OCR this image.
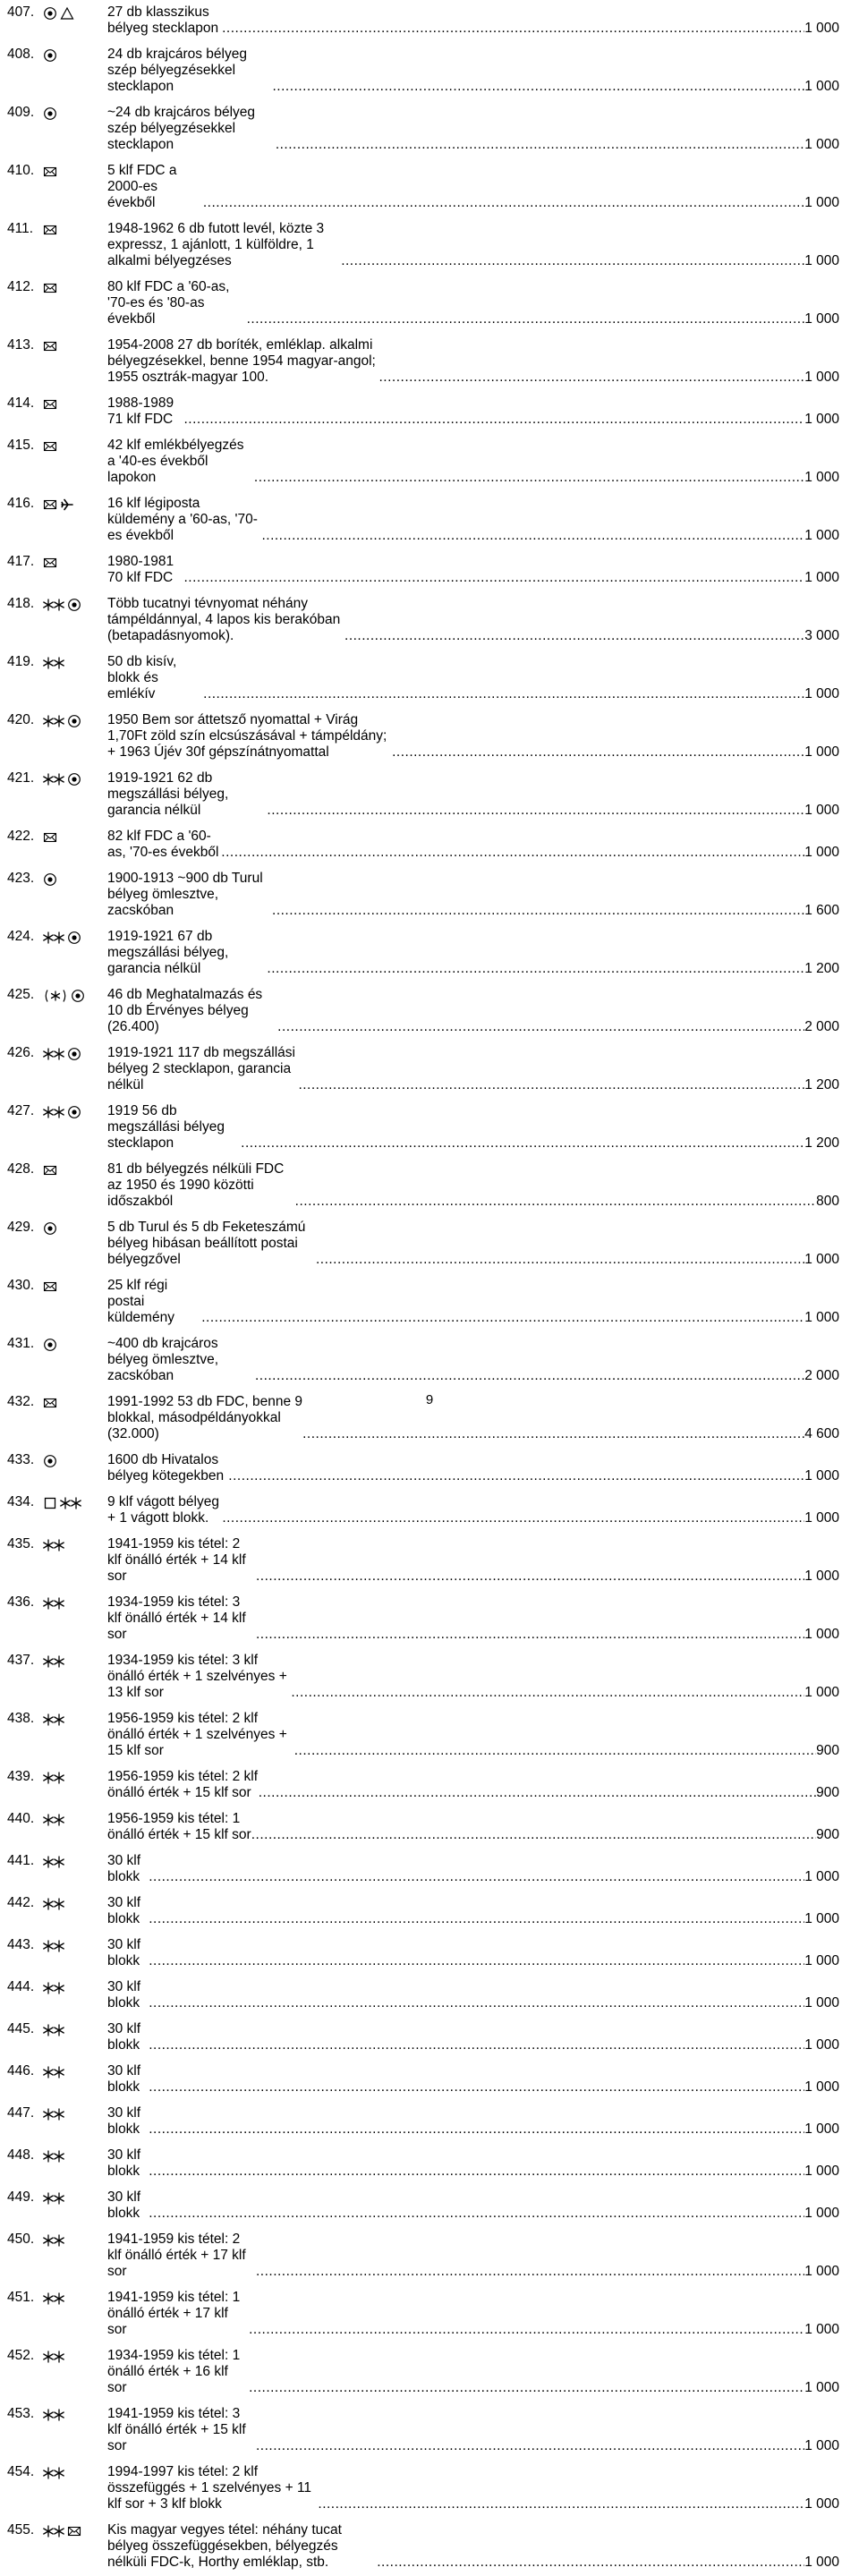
407.	27 db klasszikus bélyeg stecklapon .....	1 000
408.	24 db krajcáros bélyeg szép bélyegzésekkel stecklapon .....	1 000
409.	~24 db krajcáros bélyeg szép bélyegzésekkel stecklapon .....	1 000
410.	5 klf FDC a 2000-es évekből .....	1 000
411.	1948-1962 6 db futott levél, közte 3 expressz, 1 ajánlott, 1 külföldre, 1 alkalmi bélyegzéses .....	1 000
412.	80 klf FDC a '60-as, '70-es és '80-as évekből .....	1 000
413.	1954-2008 27 db boríték, emléklap. alkalmi bélyegzésekkel, benne 1954 magyar-angol; 1955 osztrák-magyar 100. .....	1 000
414.	1988-1989 71 klf FDC .....	1 000
415.	42 klf emlékbélyegzés a '40-es évekből lapokon .....	1 000
416.	16 klf légiposta küldemény a '60-as, '70-es évekből .....	1 000
417.	1980-1981 70 klf FDC .....	1 000
418.	Több tucatnyi tévnyomat néhány támpéldánnyal, 4 lapos kis berakóban (betapadásnyomok). .....	3 000
419.	50 db kisív, blokk és emlékív .....	1 000
420.	1950 Bem sor áttetsző nyomattal + Virág 1,70Ft zöld szín elcsúszásával + támpéldány; + 1963 Újév 30f gépszínátnyomattal .....	1 000
421.	1919-1921 62 db megszállási bélyeg, garancia nélkül .....	1 000
422.	82 klf FDC a '60-as, '70-es évekből .....	1 000
423.	1900-1913 ~900 db Turul bélyeg ömlesztve, zacskóban .....	1 600
424.	1919-1921 67 db megszállási bélyeg, garancia nélkül .....	1 200
425.	46 db Meghatalmazás és 10 db Érvényes bélyeg (26.400) .....	2 000
426.	1919-1921 117 db megszállási bélyeg 2 stecklapon, garancia nélkül .....	1 200
427.	1919 56 db megszállási bélyeg stecklapon .....	1 200
428.	81 db bélyegzés nélküli FDC az 1950 és 1990 közötti időszakból .....	800
429.	5 db Turul és 5 db Feketeszámú bélyeg hibásan beállított postai bélyegzővel .....	1 000
430.	25 klf régi postai küldemény .....	1 000
431.	~400 db krajcáros bélyeg ömlesztve, zacskóban .....	2 000
432.	1991-1992 53 db FDC, benne 9 blokkal, másodpéldányokkal (32.000) .....	4 600
433.	1600 db Hivatalos bélyeg kötegekben .....	1 000
434.	9 klf vágott bélyeg + 1 vágott blokk. .....	1 000
435.	1941-1959 kis tétel: 2 klf önálló érték + 14 klf sor .....	1 000
436.	1934-1959 kis tétel: 3 klf önálló érték + 14 klf sor .....	1 000
437.	1934-1959 kis tétel: 3 klf önálló érték + 1 szelvényes + 13 klf sor .....	1 000
438.	1956-1959 kis tétel: 2 klf önálló érték + 1 szelvényes + 15 klf sor .....	900
439.	1956-1959 kis tétel: 2 klf önálló érték + 15 klf sor .....	900
440.	1956-1959 kis tétel: 1 önálló érték + 15 klf sor .....	900
441.	30 klf blokk .....	1 000
442.	30 klf blokk .....	1 000
443.	30 klf blokk .....	1 000
444.	30 klf blokk .....	1 000
445.	30 klf blokk .....	1 000
446.	30 klf blokk .....	1 000
447.	30 klf blokk .....	1 000
448.	30 klf blokk .....	1 000
449.	30 klf blokk .....	1 000
450.	1941-1959 kis tétel: 2 klf önálló érték + 17 klf sor .....	1 000
451.	1941-1959 kis tétel: 1 önálló érték + 17 klf sor .....	1 000
452.	1934-1959 kis tétel: 1 önálló érték + 16 klf sor .....	1 000
453.	1941-1959 kis tétel: 3 klf önálló érték + 15 klf sor .....	1 000
454.	1994-1997 kis tétel: 2 klf összefüggés + 1 szelvényes + 11 klf sor + 3 klf blokk .....	1 000
455.	Kis magyar vegyes tétel: néhány tucat bélyeg összefüggésekben, bélyegzés nélküli FDC-k, Horthy emléklap, stb. .....	1 000
9
